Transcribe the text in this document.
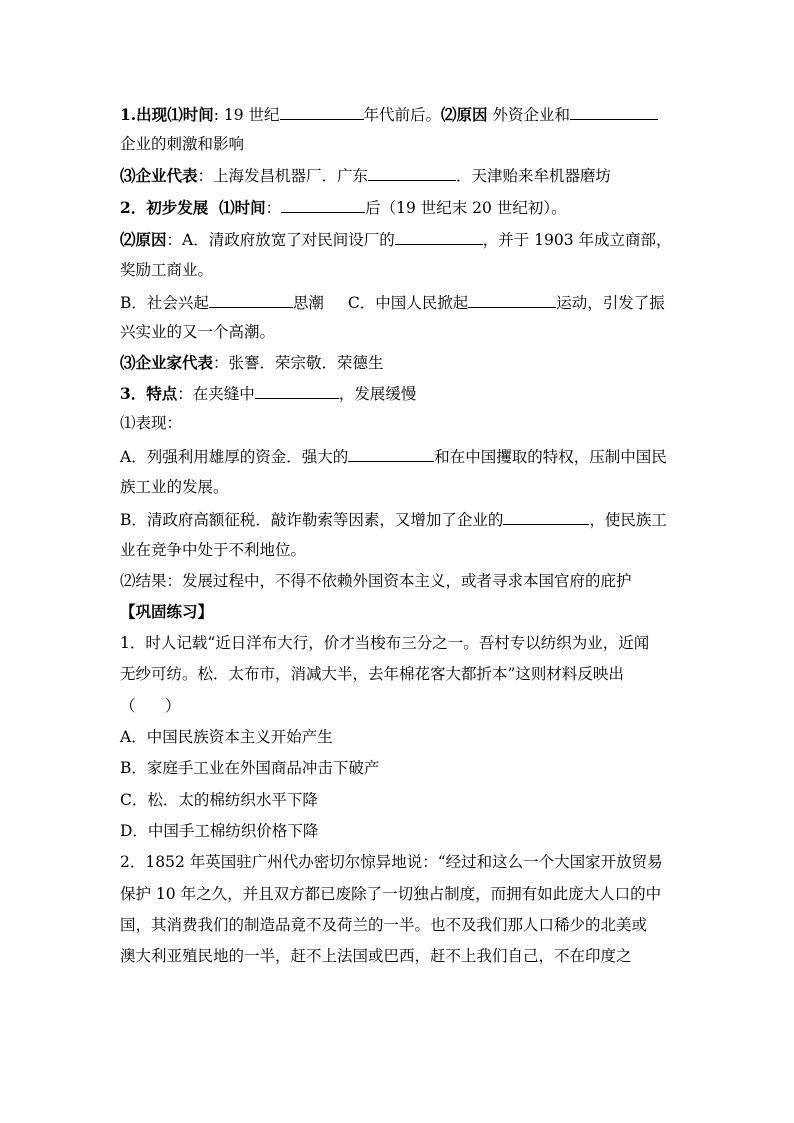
1.出现⑴时间: 19 世纪	年代前后。⑵原因 外资企业和
企业的刺激和影响
⑶企业代表：上海发昌机器厂．广东	．天津贻来牟机器磨坊
2．初步发展  ⑴时间：	后（19 世纪末 20 世纪初）。
⑵原因：A．清政府放宽了对民间设厂的	，并于 1903 年成立商部，
奖励工商业。
B．社会兴起	思潮 C．中国人民掀起	运动，引发了振
兴实业的又一个高潮。
⑶企业家代表：张謇．荣宗敬．荣德生
3．特点：在夹缝中	，发展缓慢
⑴表现：
A．列强利用雄厚的资金．强大的	和在中国攫取的特权，压制中国民
族工业的发展。
B．清政府高额征税．敲诈勒索等因素，又增加了企业的	，使民族工
业在竞争中处于不利地位。
⑵结果：发展过程中，不得不依赖外国资本主义，或者寻求本国官府的庇护
【巩固练习】
1．时人记载“近日洋布大行，价才当梭布三分之一。吾村专以纺织为业，近闻
无纱可纺。松．太布市，消减大半，去年棉花客大都折本”这则材料反映出
（      ）
A．中国民族资本主义开始产生
B．家庭手工业在外国商品冲击下破产
C．松．太的棉纺织水平下降
D．中国手工棉纺织价格下降
2．1852 年英国驻广州代办密切尔惊异地说：“经过和这么一个大国家开放贸易
保护 10 年之久，并且双方都已废除了一切独占制度，而拥有如此庞大人口的中
国，其消费我们的制造品竟不及荷兰的一半。也不及我们那人口稀少的北美或
澳大利亚殖民地的一半，赶不上法国或巴西，赶不上我们自己，不在印度之
